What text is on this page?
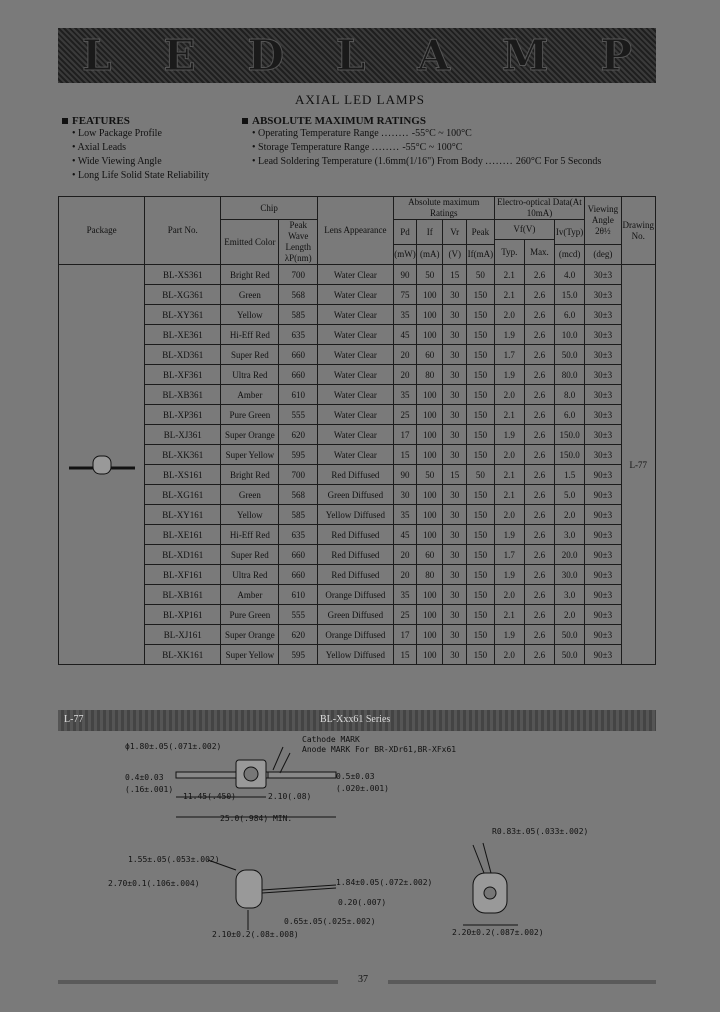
L E D L A M P
AXIAL LED LAMPS
FEATURES
• Low Package Profile
• Axial Leads
• Wide Viewing Angle
• Long Life Solid State Reliability
ABSOLUTE MAXIMUM RATINGS
• Operating Temperature Range ........ -55°C ~ 100°C
• Storage Temperature Range ........ -55°C ~ 100°C
• Lead Soldering Temperature (1.6mm(1/16") From Body ........ 260°C For 5 Seconds
Package	Part No.	Chip		Lens Appearance	Absolute maximum Ratings				Electro-optical Data(At 10mA)			Viewing Angle 2θ½	Drawing No.
		Emitted Color	Peak Wave Length λP(nm)		Pd	If	Vr	Peak	Vf(V)		Iv(Typ)		
									Typ.	Max.			
					(mW)	(mA)	(V)	If(mA)			(mcd)	(deg)	
	BL-XS361	Bright Red	700	Water Clear	90	50	15	50	2.1	2.6	4.0	30±3	L-77
	BL-XG361	Green	568	Water Clear	75	100	30	150	2.1	2.6	15.0	30±3	
	BL-XY361	Yellow	585	Water Clear	35	100	30	150	2.0	2.6	6.0	30±3	
	BL-XE361	Hi-Eff Red	635	Water Clear	45	100	30	150	1.9	2.6	10.0	30±3	
	BL-XD361	Super Red	660	Water Clear	20	60	30	150	1.7	2.6	50.0	30±3	
	BL-XF361	Ultra Red	660	Water Clear	20	80	30	150	1.9	2.6	80.0	30±3	
	BL-XB361	Amber	610	Water Clear	35	100	30	150	2.0	2.6	8.0	30±3	
	BL-XP361	Pure Green	555	Water Clear	25	100	30	150	2.1	2.6	6.0	30±3	
	BL-XJ361	Super Orange	620	Water Clear	17	100	30	150	1.9	2.6	150.0	30±3	
	BL-XK361	Super Yellow	595	Water Clear	15	100	30	150	2.0	2.6	150.0	30±3	
	BL-XS161	Bright Red	700	Red Diffused	90	50	15	50	2.1	2.6	1.5	90±3	
	BL-XG161	Green	568	Green Diffused	30	100	30	150	2.1	2.6	5.0	90±3	
	BL-XY161	Yellow	585	Yellow Diffused	35	100	30	150	2.0	2.6	2.0	90±3	
	BL-XE161	Hi-Eff Red	635	Red Diffused	45	100	30	150	1.9	2.6	3.0	90±3	
	BL-XD161	Super Red	660	Red Diffused	20	60	30	150	1.7	2.6	20.0	90±3	
	BL-XF161	Ultra Red	660	Red Diffused	20	80	30	150	1.9	2.6	30.0	90±3	
	BL-XB161	Amber	610	Orange Diffused	35	100	30	150	2.0	2.6	3.0	90±3	
	BL-XP161	Pure Green	555	Green Diffused	25	100	30	150	2.1	2.6	2.0	90±3	
	BL-XJ161	Super Orange	620	Orange Diffused	17	100	30	150	1.9	2.6	50.0	90±3	
	BL-XK161	Super Yellow	595	Yellow Diffused	15	100	30	150	2.0	2.6	50.0	90±3	
L-77	BL-Xxx61 Series
ϕ1.80±.05(.071±.002)
Cathode MARK
Anode MARK For BR-XDr61,BR-XFx61
0.4±0.03
(.16±.001)
11.45(.450)	2.10(.08)
0.5±0.03
(.020±.001)
25.0(.984) MIN.
1.55±.05(.053±.002)
2.70±0.1(.106±.004)	1.84±0.05(.072±.002)
0.20(.007)
0.65±.05(.025±.002)
2.10±0.2(.08±.008)
R0.83±.05(.033±.002)
2.20±0.2(.087±.002)
37
